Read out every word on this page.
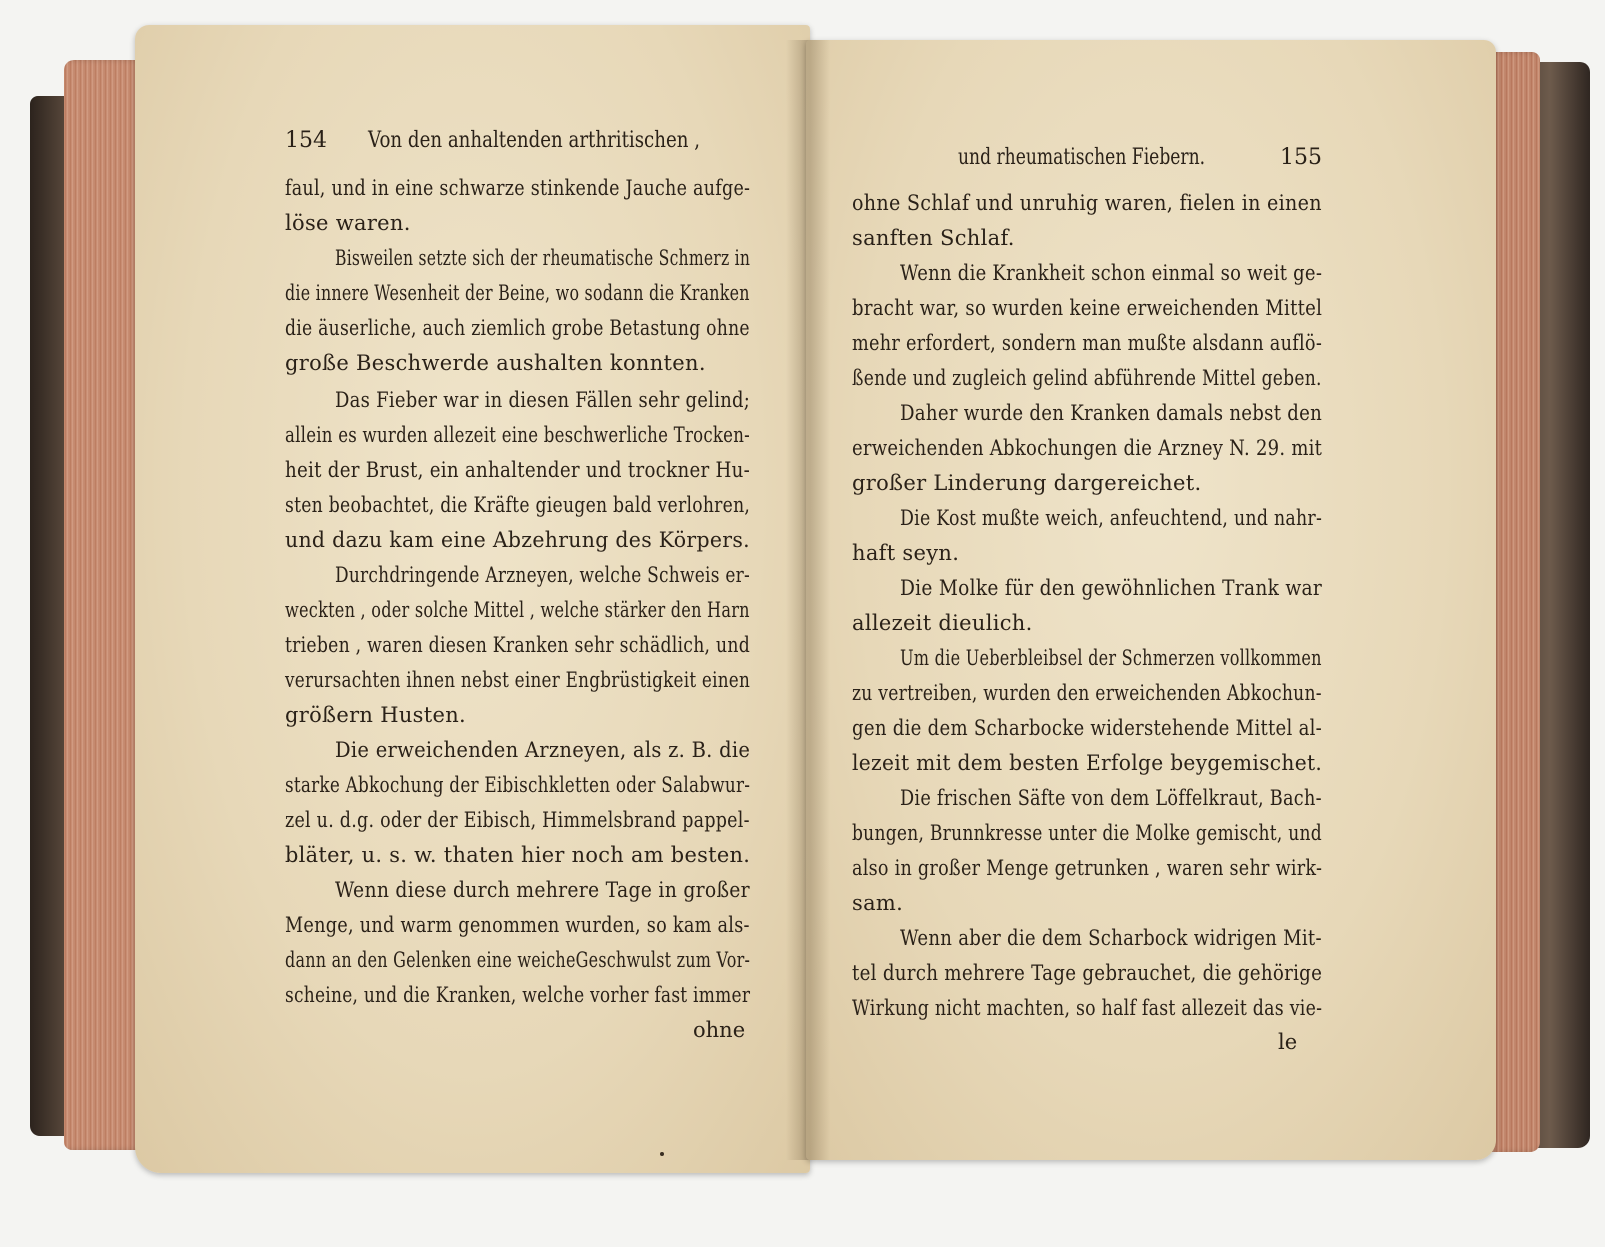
154 Von den anhaltenden arthritischen ,
und rheumatischen Fiebern.	155
faul, und in eine schwarze stinkende Jauche aufge-
löse waren.
Bisweilen setzte sich der rheumatische Schmerz in
die innere Wesenheit der Beine, wo sodann die Kranken
die äuserliche, auch ziemlich grobe Betastung ohne
große Beschwerde aushalten konnten.
Das Fieber war in diesen Fällen sehr gelind;
allein es wurden allezeit eine beschwerliche Trocken-
heit der Brust, ein anhaltender und trockner Hu-
sten beobachtet, die Kräfte gieugen bald verlohren,
und dazu kam eine Abzehrung des Körpers.
Durchdringende Arzneyen, welche Schweis er-
weckten , oder solche Mittel , welche stärker den Harn
trieben , waren diesen Kranken sehr schädlich, und
verursachten ihnen nebst einer Engbrüstigkeit einen
größern Husten.
Die erweichenden Arzneyen, als z. B. die
starke Abkochung der Eibischkletten oder Salabwur-
zel u. d.g. oder der Eibisch, Himmelsbrand pappel-
bläter, u. s. w. thaten hier noch am besten.
Wenn diese durch mehrere Tage in großer
Menge, und warm genommen wurden, so kam als-
dann an den Gelenken eine weicheGeschwulst zum Vor-
scheine, und die Kranken, welche vorher fast immer
ohne
ohne Schlaf und unruhig waren, fielen in einen
sanften Schlaf.
Wenn die Krankheit schon einmal so weit ge-
bracht war, so wurden keine erweichenden Mittel
mehr erfordert, sondern man mußte alsdann auflö-
ßende und zugleich gelind abführende Mittel geben.
Daher wurde den Kranken damals nebst den
erweichenden Abkochungen die Arzney N. 29. mit
großer Linderung dargereichet.
Die Kost mußte weich, anfeuchtend, und nahr-
haft seyn.
Die Molke für den gewöhnlichen Trank war
allezeit dieulich.
Um die Ueberbleibsel der Schmerzen vollkommen
zu vertreiben, wurden den erweichenden Abkochun-
gen die dem Scharbocke widerstehende Mittel al-
lezeit mit dem besten Erfolge beygemischet.
Die frischen Säfte von dem Löffelkraut, Bach-
bungen, Brunnkresse unter die Molke gemischt, und
also in großer Menge getrunken , waren sehr wirk-
sam.
Wenn aber die dem Scharbock widrigen Mit-
tel durch mehrere Tage gebrauchet, die gehörige
Wirkung nicht machten, so half fast allezeit das vie-
le
